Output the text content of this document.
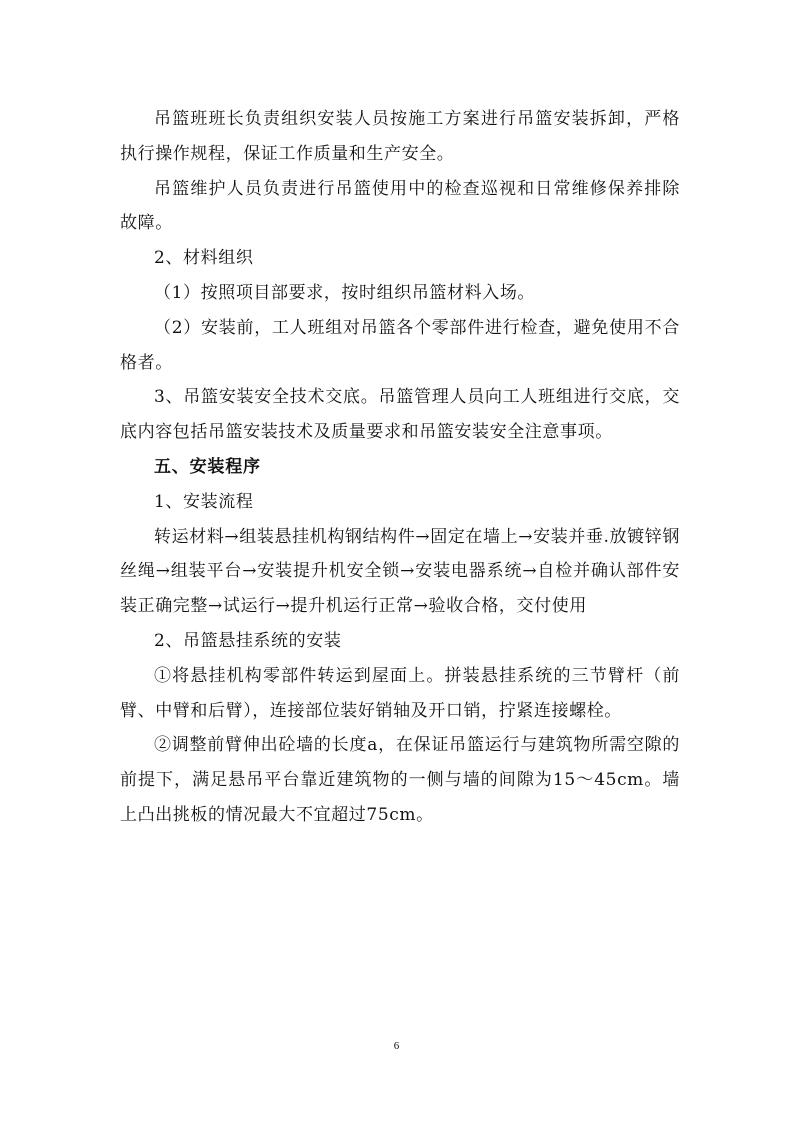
吊篮班班长负责组织安装人员按施工方案进行吊篮安装拆卸，严格执行操作规程，保证工作质量和生产安全。

吊篮维护人员负责进行吊篮使用中的检查巡视和日常维修保养排除故障。

2、材料组织

（1）按照项目部要求，按时组织吊篮材料入场。

（2）安装前，工人班组对吊篮各个零部件进行检查，避免使用不合格者。

3、吊篮安装安全技术交底。吊篮管理人员向工人班组进行交底，交底内容包括吊篮安装技术及质量要求和吊篮安装安全注意事项。

五、安装程序

1、安装流程

转运材料→组装悬挂机构钢结构件→固定在墙上→安装并垂.放镀锌钢丝绳→组装平台→安装提升机安全锁→安装电器系统→自检并确认部件安装正确完整→试运行→提升机运行正常→验收合格，交付使用

2、吊篮悬挂系统的安装

①将悬挂机构零部件转运到屋面上。拼装悬挂系统的三节臂杆（前臂、中臂和后臂），连接部位装好销轴及开口销，拧紧连接螺栓。

②调整前臂伸出砼墙的长度a，在保证吊篮运行与建筑物所需空隙的前提下，满足悬吊平台靠近建筑物的一侧与墙的间隙为15～45cm。墙上凸出挑板的情况最大不宜超过75cm。

6
